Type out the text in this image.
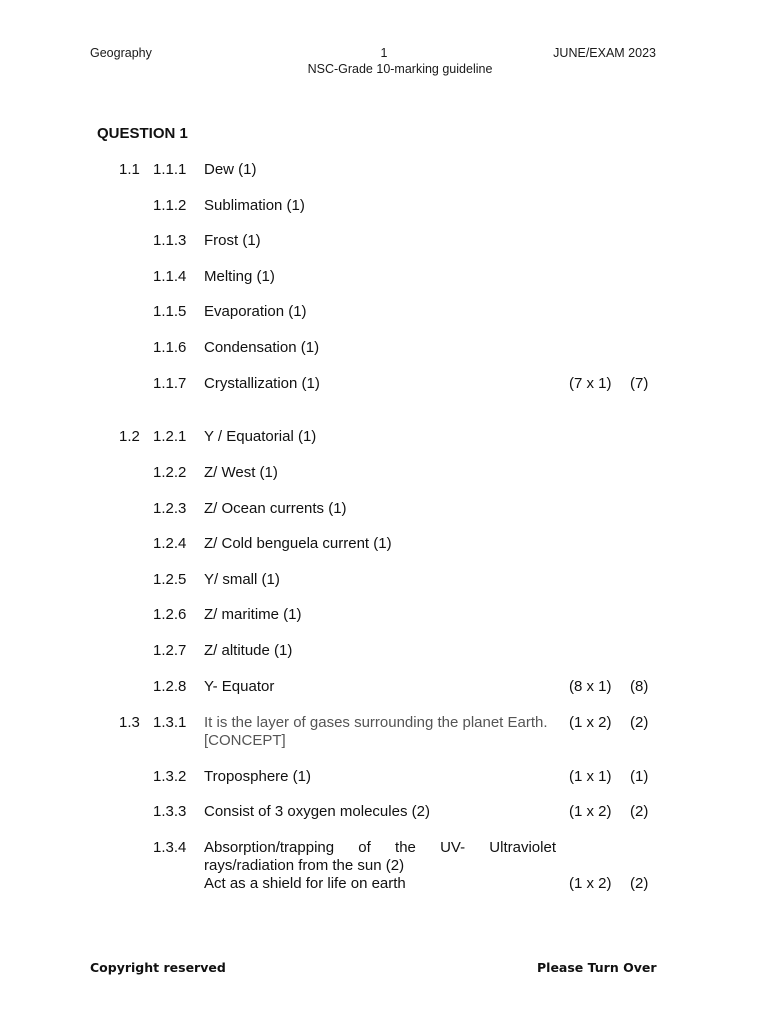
Geography	1
NSC-Grade 10-marking guideline
JUNE/EXAM 2023
QUESTION 1
1.1 1.1.1 Dew (1)
1.1.2 Sublimation (1)
1.1.3 Frost (1)
1.1.4 Melting (1)
1.1.5 Evaporation (1)
1.1.6 Condensation (1)
1.1.7 Crystallization (1)	(7 x 1) (7)
1.2 1.2.1 Y / Equatorial (1)
1.2.2 Z/ West (1)
1.2.3 Z/ Ocean currents (1)
1.2.4 Z/ Cold benguela current (1)
1.2.5 Y/ small (1)
1.2.6 Z/ maritime (1)
1.2.7 Z/ altitude (1)
1.2.8 Y- Equator	(8 x 1) (8)
1.3 1.3.1 It is the layer of gases surrounding the planet Earth.
[CONCEPT]
(1 x 2) (2)
1.3.2 Troposphere (1)	(1 x 1) (1)
1.3.3 Consist of 3 oxygen molecules (2)	(1 x 2) (2)
1.3.4 Absorption/trapping of the UV- Ultraviolet
rays/radiation from the sun (2)
Act as a shield for life on earth	(1 x 2) (2)
Copyright reserved	Please Turn Over
